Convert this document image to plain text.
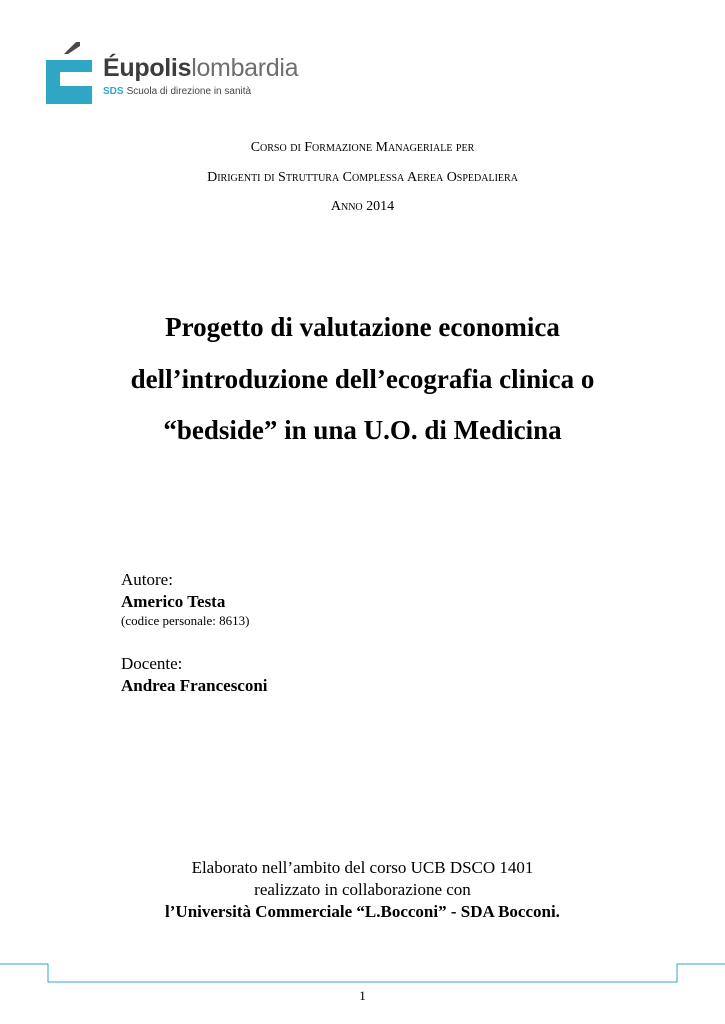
Éupolislombardia
SDS Scuola di direzione in sanità
Corso di Formazione Manageriale per
Dirigenti di Struttura Complessa Aerea Ospedaliera
Anno 2014
Progetto di valutazione economica
dell’introduzione dell’ecografia clinica o
“bedside” in una U.O. di Medicina
Autore:
Americo Testa
(codice personale: 8613)
Docente:
Andrea Francesconi
Elaborato nell’ambito del corso UCB DSCO 1401
realizzato in collaborazione con
l’Università Commerciale “L.Bocconi” - SDA Bocconi.
1
